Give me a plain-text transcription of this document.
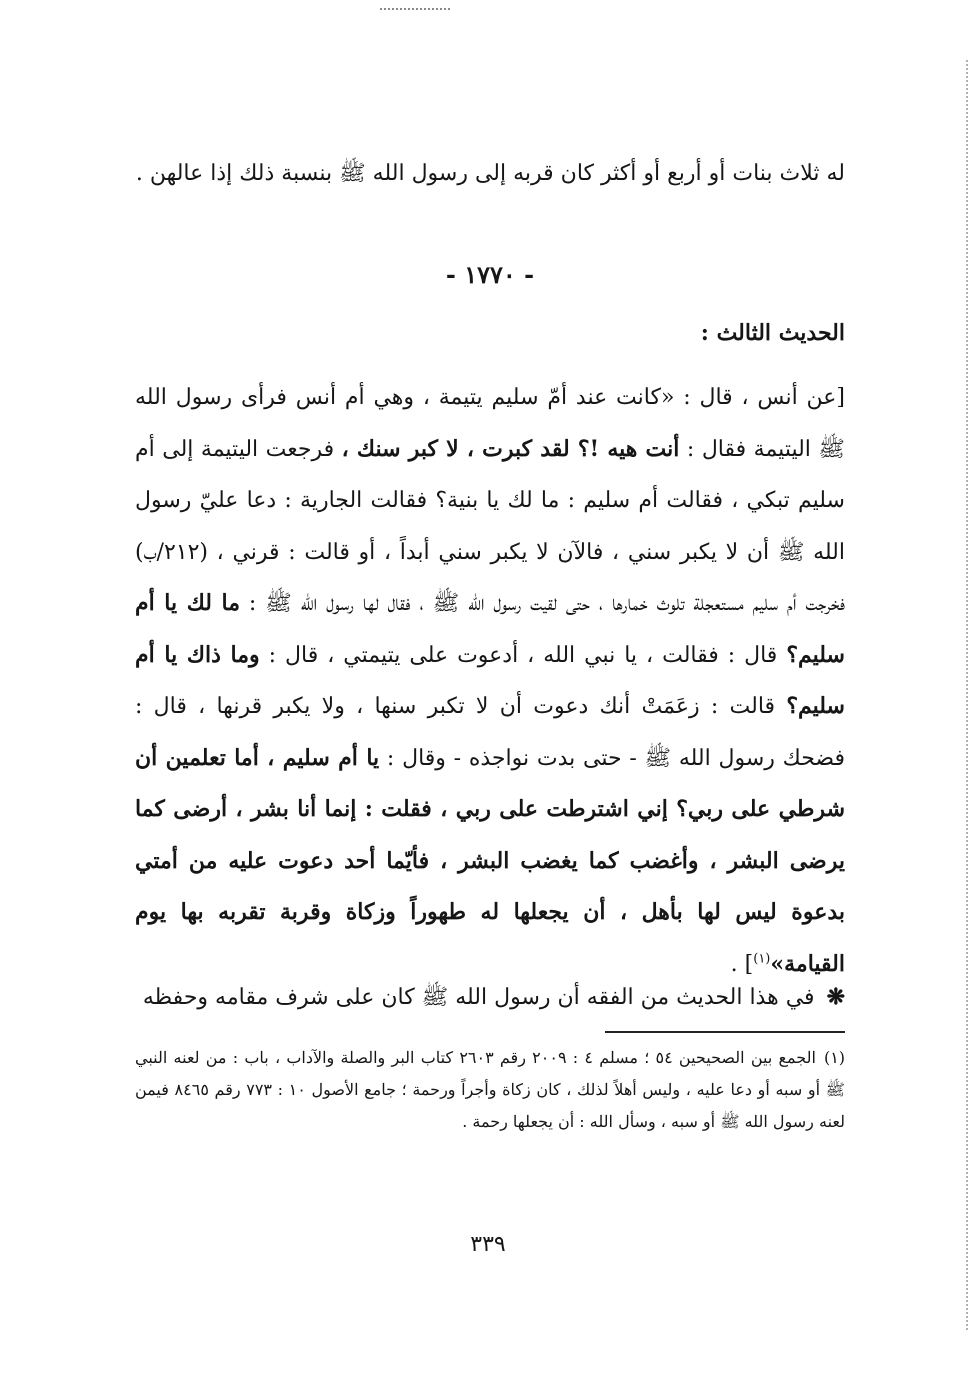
له ثلاث بنات أو أربع أو أكثر كان قربه إلى رسول الله ﷺ بنسبة ذلك إذا عالهن .

- ١٧٧٠ -
الحديث الثالث :

[عن أنس ، قال : «كانت عند أمّ سليم يتيمة ، وهي أم أنس فرأى رسول الله ﷺ اليتيمة فقال : أنت هيه !؟ لقد كبرت ، لا كبر سنك ، فرجعت اليتيمة إلى أم سليم تبكي ، فقالت أم سليم : ما لك يا بنية؟ فقالت الجارية : دعا عليّ رسول الله ﷺ أن لا يكبر سني ، فالآن لا يكبر سني أبداً ، أو قالت : قرني ، (٢١٢/ب) فخرجت أم سليم مستعجلة تلوث خمارها ، حتى لقيت رسول الله ﷺ ، فقال لها رسول الله ﷺ : ما لك يا أم سليم؟ قال : فقالت ، يا نبي الله ، أدعوت على يتيمتي ، قال : وما ذاك يا أم سليم؟ قالت : زعَمَتْ أنك دعوت أن لا تكبر سنها ، ولا يكبر قرنها ، قال : فضحك رسول الله ﷺ - حتى بدت نواجذه - وقال : يا أم سليم ، أما تعلمين أن شرطي على ربي؟ إني اشترطت على ربي ، فقلت : إنما أنا بشر ، أرضى كما يرضى البشر ، وأغضب كما يغضب البشر ، فأيّما أحد دعوت عليه من أمتي بدعوة ليس لها بأهل ، أن يجعلها له طهوراً وزكاة وقربة تقربه بها يوم القيامة»$^{(١)}$] .

❋في هذا الحديث من الفقه أن رسول الله ﷺ كان على شرف مقامه وحفظه

(١)الجمع بين الصحيحين ٥٤ ؛ مسلم ٤ : ٢٠٠٩ رقم ٢٦٠٣ كتاب البر والصلة والآداب ، باب : من لعنه النبي ﷺ أو سبه أو دعا عليه ، وليس أهلاً لذلك ، كان زكاة وأجراً ورحمة ؛ جامع الأصول ١٠ : ٧٧٣ رقم ٨٤٦٥ فيمن لعنه رسول الله ﷺ أو سبه ، وسأل الله : أن يجعلها رحمة .

٣٣٩
